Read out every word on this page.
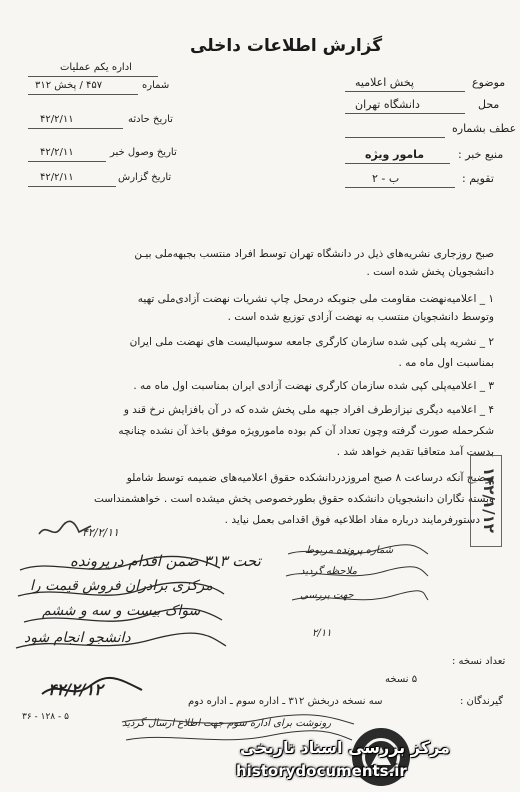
گزارش اطلاعات داخلی
موضوع
پخش اعلامیه
محل
دانشگاه تهران
عطف بشماره
منبع خبر :
مامور ویژه
تقویم :
ب - ۲
اداره یکم عملیات
۴۵۷ / پخش ۳۱۲	شماره
۴۲/۲/۱۱	تاریخ حادثه
۴۲/۲/۱۱	تاریخ وصول خبر
۴۲/۲/۱۱	تاریخ گزارش
صبح روزجاری نشریه‌های ذیل در دانشگاه تهران توسط افراد منتسب بجبهه‌ملی بیـن
دانشجویان پخش شده است .
۱ _ اعلامیه‌نهضت مقاومت ملی جنوبکه درمحل چاپ نشریات نهضت آزادی‌ملی تهیه
وتوسط دانشجویان منتسب به نهضت آزادی توزیع شده است .
۲ _ نشریه پلی کپی شده سازمان کارگری جامعه سوسیالیست های نهضت ملی ایران
بمناسبت اول ماه مه .
۳ _ اعلامیه‌پلی کپی شده سازمان کارگری نهضت آزادی ایران بمناسبت اول ماه مه .
۴ _ اعلامیه دیگری نیزازطرف افراد جبهه ملی پخش شده که در آن بافزایش نرخ قند و
شکرحمله صورت گرفته وچون تعداد آن کم بوده مامورویژه موفق باخذ آن نشده چنانچه
بدست آمد متعاقبا تقدیم خواهد شد .
توضیح آنکه درساعت ۸ صبح امروزدردانشکده حقوق اعلامیه‌های ضمیمه توسط شاملو
وبسته نگاران دانشجویان دانشکده حقوق بطورخصوصی پخش میشده است . خواهشمنداست
دستورفرمایند درباره مفاد اطلاعیه فوق اقدامی بعمل نیاید . ۱۴۲/۱/۱۲
۴۲/۲/۱۱
تحت ۳۱۳ ضمن اقدام درپرونده
مرکزی برادران فروش قیمت را
سواک بیست و سه و ششم
دانشجو انجام شود
شماره پرونده مربوط
ملاحظه گردید
جهت بررسی
۲/۱۱
تعداد نسخه :
۵ نسخه
گیرندگان :
سه نسخه دربخش ۳۱۲ ـ اداره سوم ـ اداره دوم
۴۲/۲/۱۲
۳۶ - ۱۲۸ - ۵
رونوشت برای اداره سوم جهت اطلاع ارسال گردید
مرکز بررسی اسناد تاریخی
historydocuments.ir
